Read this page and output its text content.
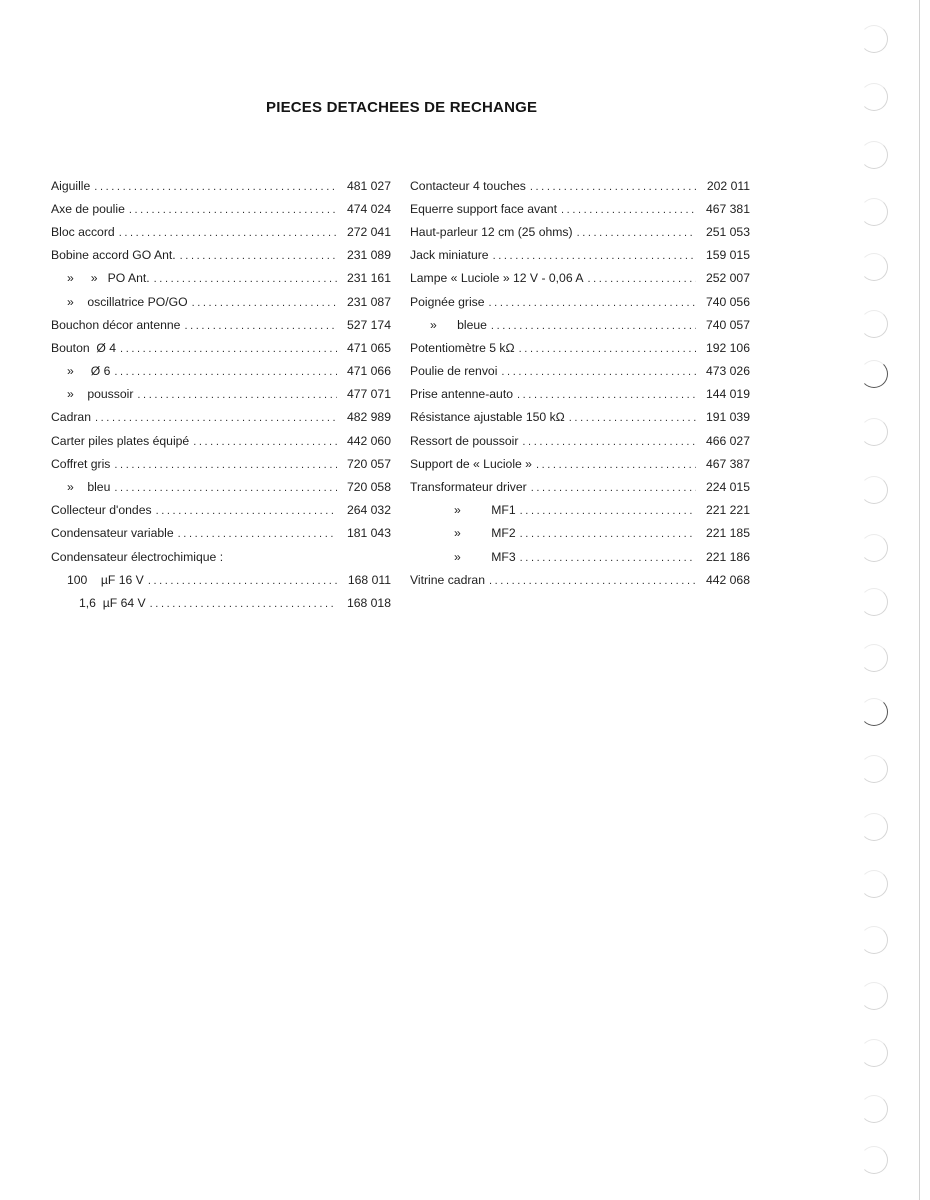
PIECES DETACHEES DE RECHANGE
Aiguille .....	481 027
Axe de poulie .....	474 024
Bloc accord .....	272 041
Bobine accord GO Ant. .....	231 089
»     »   PO Ant. .....	231 161
»    oscillatrice PO/GO .....	231 087
Bouchon décor antenne .....	527 174
Bouton  Ø 4 .....	471 065
»     Ø 6 .....	471 066
»    poussoir .....	477 071
Cadran .....	482 989
Carter piles plates équipé .....	442 060
Coffret gris .....	720 057
»    bleu .....	720 058
Collecteur d'ondes .....	264 032
Condensateur variable .....	181 043
Condensateur électrochimique :
100    µF 16 V .....	168 011
1,6  µF 64 V .....	168 018
Contacteur 4 touches .....	202 011
Equerre support face avant .....	467 381
Haut-parleur 12 cm (25 ohms) .....	251 053
Jack miniature .....	159 015
Lampe « Luciole » 12 V - 0,06 A .....	252 007
Poignée grise .....	740 056
»      bleue .....	740 057
Potentiomètre 5 kΩ .....	192 106
Poulie de renvoi .....	473 026
Prise antenne-auto .....	144 019
Résistance ajustable 150 kΩ .....	191 039
Ressort de poussoir .....	466 027
Support de « Luciole » .....	467 387
Transformateur driver .....	224 015
»         MF1 .....	221 221
»         MF2 .....	221 185
»         MF3 .....	221 186
Vitrine cadran .....	442 068
